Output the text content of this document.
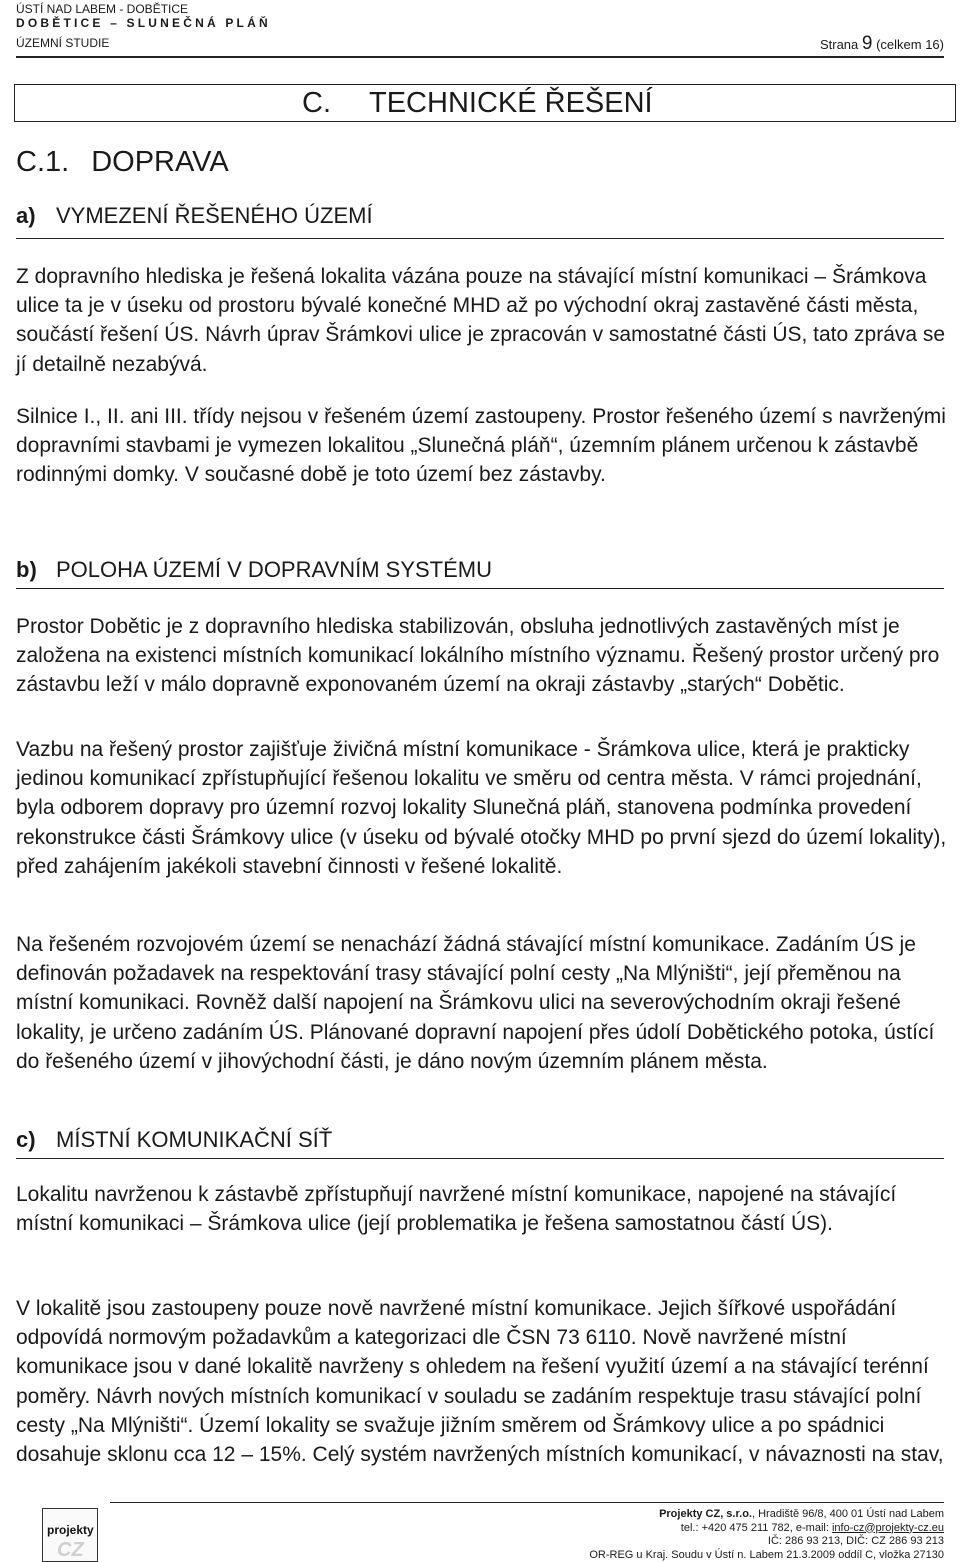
ÚSTÍ NAD LABEM - DOBĚTICE
DOBĚTICE – SLUNEČNÁ PLÁŇ
ÚZEMNÍ STUDIE	Strana 9 (celkem 16)
C. TECHNICKÉ ŘEŠENÍ
C.1. DOPRAVA
a) VYMEZENÍ ŘEŠENÉHO ÚZEMÍ

Z dopravního hlediska je řešená lokalita vázána pouze na stávající místní komunikaci – Šrámkova ulice ta je v úseku od prostoru bývalé konečné MHD až po východní okraj zastavěné části města, součástí řešení ÚS. Návrh úprav Šrámkovi ulice je zpracován v samostatné části ÚS, tato zpráva se jí detailně nezabývá.

Silnice I., II. ani III. třídy nejsou v řešeném území zastoupeny. Prostor řešeného území s navrženými dopravními stavbami je vymezen lokalitou „Slunečná pláň“, územním plánem určenou k zástavbě rodinnými domky. V současné době je toto území bez zástavby.

b) POLOHA ÚZEMÍ V DOPRAVNÍM SYSTÉMU

Prostor Dobětic je z dopravního hlediska stabilizován, obsluha jednotlivých zastavěných míst je založena na existenci místních komunikací lokálního místního významu. Řešený prostor určený pro zástavbu leží v málo dopravně exponovaném území na okraji zástavby „starých“ Dobětic.

Vazbu na řešený prostor zajišťuje živičná místní komunikace - Šrámkova ulice, která je prakticky jedinou komunikací zpřístupňující řešenou lokalitu ve směru od centra města. V rámci projednání, byla odborem dopravy pro územní rozvoj lokality Slunečná pláň, stanovena podmínka provedení rekonstrukce části Šrámkovy ulice (v úseku od bývalé otočky MHD po první sjezd do území lokality), před zahájením jakékoli stavební činnosti v řešené lokalitě.

Na řešeném rozvojovém území se nenachází žádná stávající místní komunikace. Zadáním ÚS je definován požadavek na respektování trasy stávající polní cesty „Na Mlýništi“, její přeměnou na místní komunikaci. Rovněž další napojení na Šrámkovu ulici na severovýchodním okraji řešené lokality, je určeno zadáním ÚS. Plánované dopravní napojení přes údolí Dobětického potoka, ústící do řešeného území v jihovýchodní části, je dáno novým územním plánem města.

c) MÍSTNÍ KOMUNIKAČNÍ SÍŤ

Lokalitu navrženou k zástavbě zpřístupňují navržené místní komunikace, napojené na stávající místní komunikaci – Šrámkova ulice (její problematika je řešena samostatnou částí ÚS).

V lokalitě jsou zastoupeny pouze nově navržené místní komunikace. Jejich šířkové uspořádání odpovídá normovým požadavkům a kategorizaci dle ČSN 73 6110. Nově navržené místní komunikace jsou v dané lokalitě navrženy s ohledem na řešení využití území a na stávající terénní poměry. Návrh nových místních komunikací v souladu se zadáním respektuje trasu stávající polní cesty „Na Mlýništi“. Území lokality se svažuje jižním směrem od Šrámkovy ulice a po spádnici dosahuje sklonu cca 12 – 15%. Celý systém navržených místních komunikací, v návaznosti na stav,

projekty
CZ
Projekty CZ, s.r.o., Hradiště 96/8, 400 01 Ústí nad Labem
tel.: +420 475 211 782, e-mail: info-cz@projekty-cz.eu
IČ: 286 93 213, DIČ: CZ 286 93 213
OR-REG u Kraj. Soudu v Ústí n. Labem 21.3.2009 oddíl C, vložka 27130
